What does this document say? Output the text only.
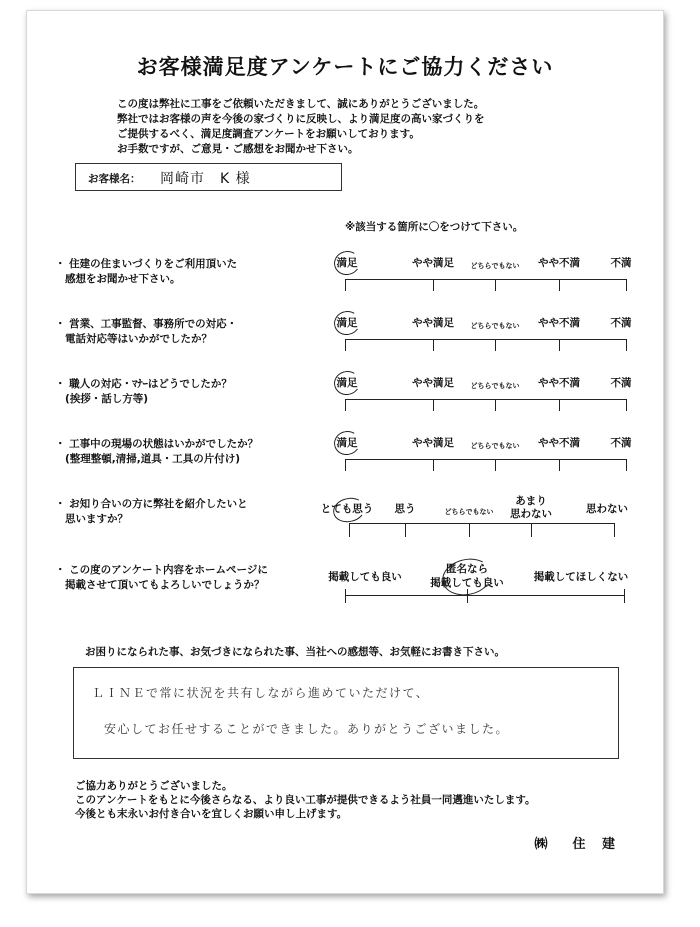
お客様満足度アンケートにご協力ください
この度は弊社に工事をご依頼いただきまして、誠にありがとうございました。
弊社ではお客様の声を今後の家づくりに反映し、より満足度の高い家づくりを
ご提供するべく、満足度調査アンケートをお願いしております。
お手数ですが、ご意見・ご感想をお聞かせ下さい。
お客様名： 岡崎市　K 様
※該当する箇所に〇をつけて下さい。
・ 住建の住まいづくりをご利用頂いた
感想をお聞かせ下さい。
満足	やや満足 どちらでもない やや不満	不満
・ 営業、工事監督、事務所での対応・
電話対応等はいかがでしたか？
満足	やや満足 どちらでもない やや不満	不満
・ 職人の対応・ﾏﾅｰはどうでしたか？
(挨拶・話し方等)
満足	やや満足 どちらでもない やや不満	不満
・ 工事中の現場の状態はいかがでしたか？
(整理整頓,清掃,道具・工具の片付け)
満足	やや満足 どちらでもない やや不満	不満
・ お知り合いの方に弊社を紹介したいと
思いますか？
とても思う 思う	どちらでもない
あまり
思わない	思わない
・ この度のアンケート内容をホームページに
掲載させて頂いてもよろしいでしょうか？
掲載しても良い
匿名なら
掲載しても良い	掲載してほしくない
お困りになられた事、お気づきになられた事、当社への感想等、お気軽にお書き下さい。
ＬＩＮＥで常に状況を共有しながら進めていただけて、
安心してお任せすることができました。ありがとうございました。
ご協力ありがとうございました。
このアンケートをもとに今後さらなる、より良い工事が提供できるよう社員一同邁進いたします。
今後とも末永いお付き合いを宜しくお願い申し上げます。
㈱　住 建
